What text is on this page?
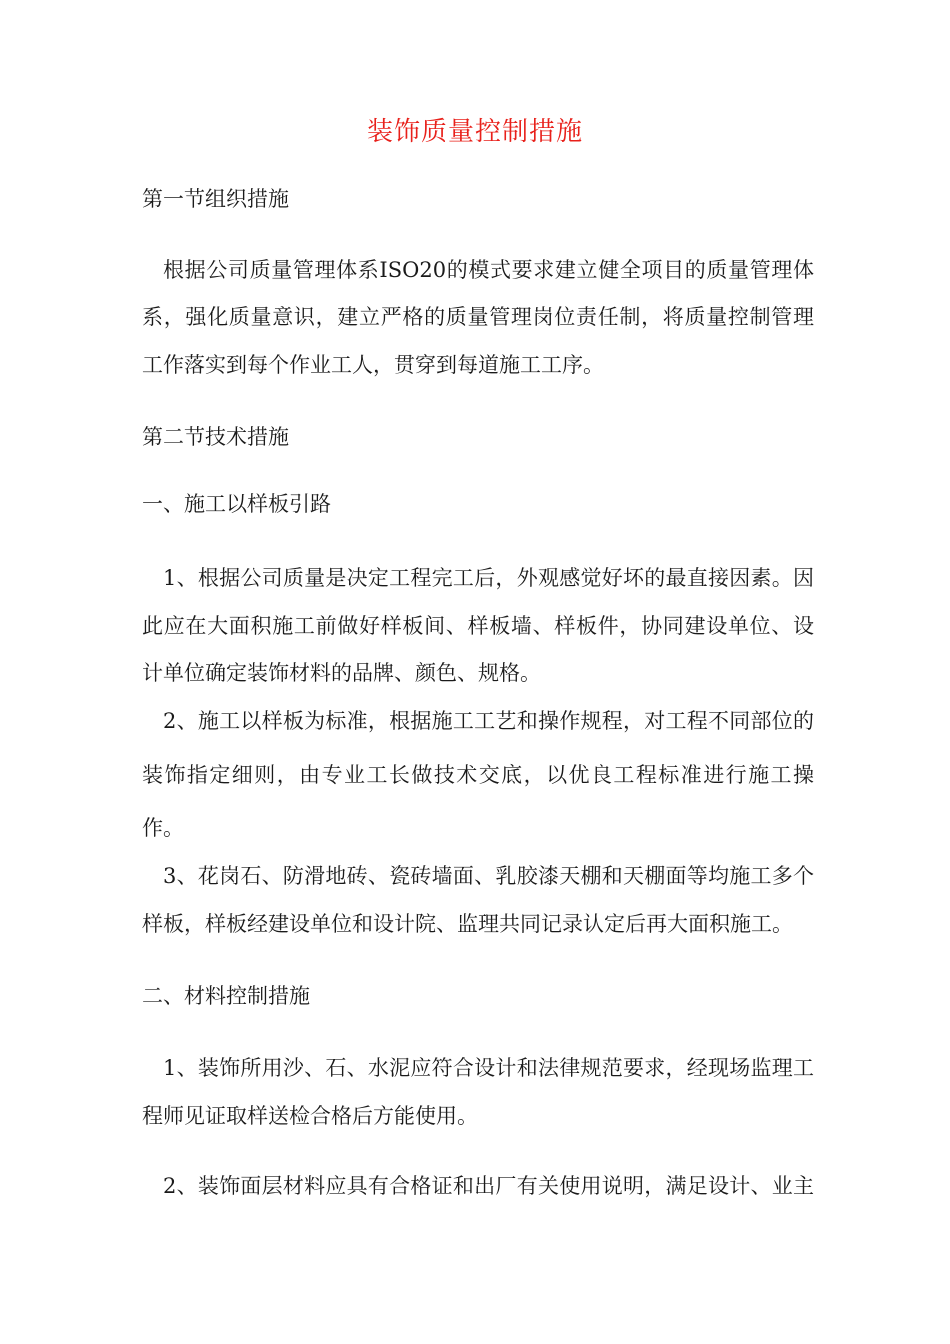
装饰质量控制措施
第一节组织措施
根据公司质量管理体系ISO20的模式要求建立健全项目的质量管理体
系，强化质量意识，建立严格的质量管理岗位责任制，将质量控制管理
工作落实到每个作业工人，贯穿到每道施工工序。
第二节技术措施
一、施工以样板引路
1、根据公司质量是决定工程完工后，外观感觉好坏的最直接因素。因
此应在大面积施工前做好样板间、样板墙、样板件，协同建设单位、设
计单位确定装饰材料的品牌、颜色、规格。
2、施工以样板为标准，根据施工工艺和操作规程，对工程不同部位的
装饰指定细则，由专业工长做技术交底，以优良工程标准进行施工操
作。
3、花岗石、防滑地砖、瓷砖墙面、乳胶漆天棚和天棚面等均施工多个
样板，样板经建设单位和设计院、监理共同记录认定后再大面积施工。
二、材料控制措施
1、装饰所用沙、石、水泥应符合设计和法律规范要求，经现场监理工
程师见证取样送检合格后方能使用。
2、装饰面层材料应具有合格证和出厂有关使用说明，满足设计、业主
